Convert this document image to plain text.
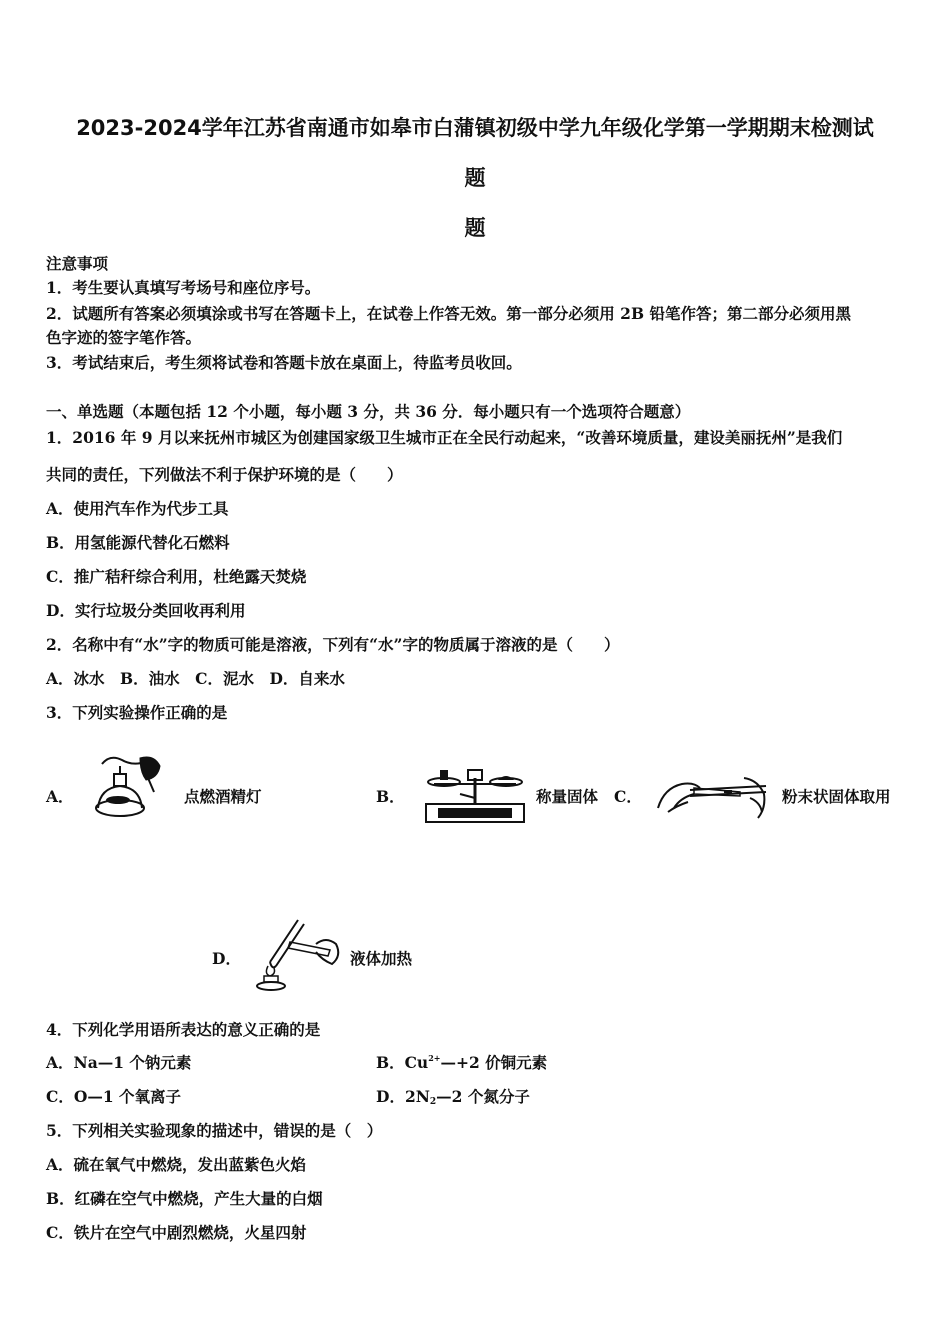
2023-2024学年江苏省南通市如皋市白蒲镇初级中学九年级化学第一学期期末检测试
题
题
注意事项
1．考生要认真填写考场号和座位序号。
2．试题所有答案必须填涂或书写在答题卡上，在试卷上作答无效。第一部分必须用 2B 铅笔作答；第二部分必须用黑
色字迹的签字笔作答。
3．考试结束后，考生须将试卷和答题卡放在桌面上，待监考员收回。
一、单选题（本题包括 12 个小题，每小题 3 分，共 36 分．每小题只有一个选项符合题意）
1．2016 年 9 月以来抚州市城区为创建国家级卫生城市正在全民行动起来，“改善环境质量，建设美丽抚州”是我们
共同的责任，下列做法不利于保护环境的是（　　）
A．使用汽车作为代步工具
B．用氢能源代替化石燃料
C．推广秸秆综合利用，杜绝露天焚烧
D．实行垃圾分类回收再利用
2．名称中有“水”字的物质可能是溶液，下列有“水”字的物质属于溶液的是（　　）
A．冰水　B．油水　C．泥水　D．自来水
3．下列实验操作正确的是
A．	点燃酒精灯	B．	称量固体 C．	粉末状固体取用
D．	液体加热
4．下列化学用语所表达的意义正确的是
A．Na—1 个钠元素	B．$Cu^{2+}—+2$ 价铜元素
C．O—1 个氧离子	D．$2N_2—2$ 个氮分子
5．下列相关实验现象的描述中，错误的是（　）
A．硫在氧气中燃烧，发出蓝紫色火焰
B．红磷在空气中燃烧，产生大量的白烟
C．铁片在空气中剧烈燃烧，火星四射
